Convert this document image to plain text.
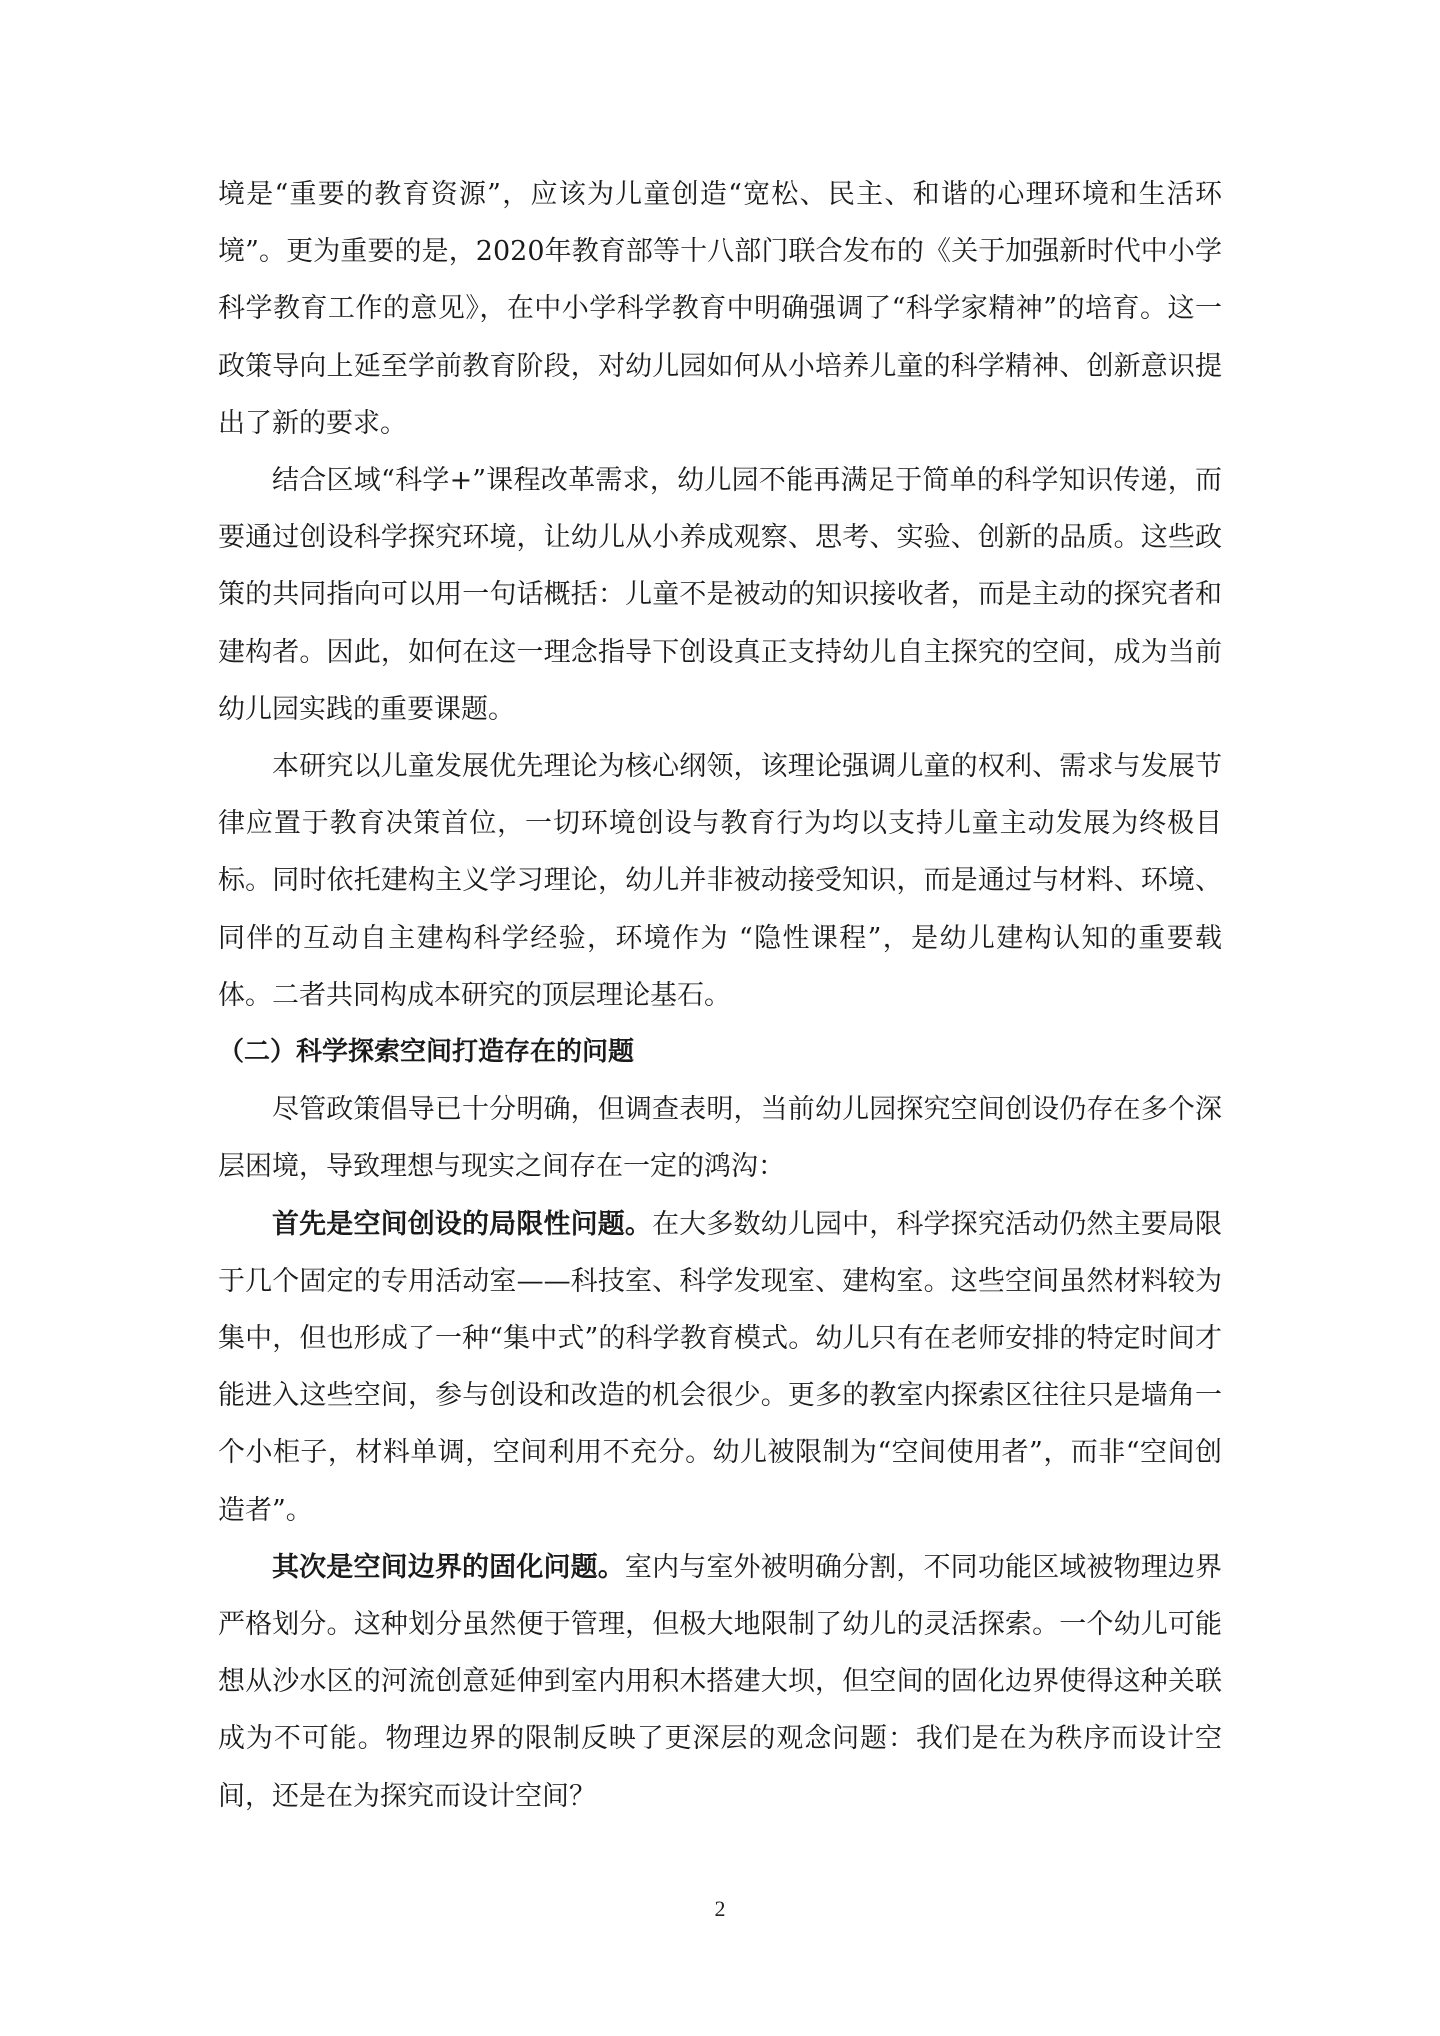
境是“重要的教育资源”，应该为儿童创造“宽松、民主、和谐的心理环境和生活环境”。更为重要的是，2020年教育部等十八部门联合发布的《关于加强新时代中小学科学教育工作的意见》，在中小学科学教育中明确强调了“科学家精神”的培育。这一政策导向上延至学前教育阶段，对幼儿园如何从小培养儿童的科学精神、创新意识提出了新的要求。

结合区域“科学+”课程改革需求，幼儿园不能再满足于简单的科学知识传递，而要通过创设科学探究环境，让幼儿从小养成观察、思考、实验、创新的品质。这些政策的共同指向可以用一句话概括：儿童不是被动的知识接收者，而是主动的探究者和建构者。因此，如何在这一理念指导下创设真正支持幼儿自主探究的空间，成为当前幼儿园实践的重要课题。

本研究以儿童发展优先理论为核心纲领，该理论强调儿童的权利、需求与发展节律应置于教育决策首位，一切环境创设与教育行为均以支持儿童主动发展为终极目标。同时依托建构主义学习理论，幼儿并非被动接受知识，而是通过与材料、环境、同伴的互动自主建构科学经验，环境作为 “隐性课程”，是幼儿建构认知的重要载体。二者共同构成本研究的顶层理论基石。

（二）科学探索空间打造存在的问题

尽管政策倡导已十分明确，但调查表明，当前幼儿园探究空间创设仍存在多个深层困境，导致理想与现实之间存在一定的鸿沟：

首先是空间创设的局限性问题。在大多数幼儿园中，科学探究活动仍然主要局限于几个固定的专用活动室——科技室、科学发现室、建构室。这些空间虽然材料较为集中，但也形成了一种“集中式”的科学教育模式。幼儿只有在老师安排的特定时间才能进入这些空间，参与创设和改造的机会很少。更多的教室内探索区往往只是墙角一个小柜子，材料单调，空间利用不充分。幼儿被限制为“空间使用者”，而非“空间创造者”。

其次是空间边界的固化问题。室内与室外被明确分割，不同功能区域被物理边界严格划分。这种划分虽然便于管理，但极大地限制了幼儿的灵活探索。一个幼儿可能想从沙水区的河流创意延伸到室内用积木搭建大坝，但空间的固化边界使得这种关联成为不可能。物理边界的限制反映了更深层的观念问题：我们是在为秩序而设计空间，还是在为探究而设计空间？

2
